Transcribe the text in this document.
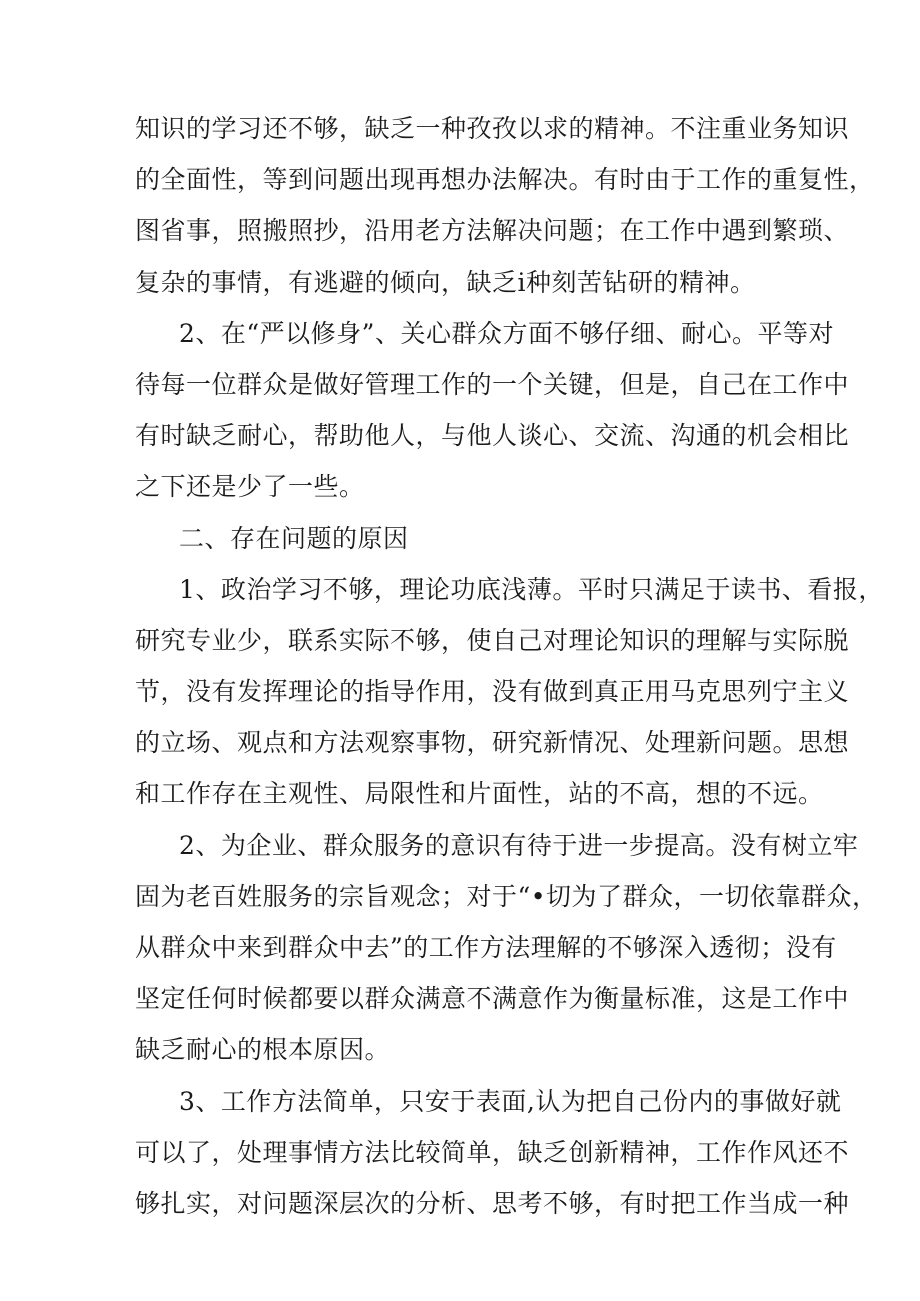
知识的学习还不够，缺乏一种孜孜以求的精神。不注重业务知识
的全面性，等到问题出现再想办法解决。有时由于工作的重复性，
图省事，照搬照抄，沿用老方法解决问题；在工作中遇到繁琐、
复杂的事情，有逃避的倾向，缺乏i种刻苦钻研的精神。
2、在“严以修身”、关心群众方面不够仔细、耐心。平等对
待每一位群众是做好管理工作的一个关键，但是，自己在工作中
有时缺乏耐心，帮助他人，与他人谈心、交流、沟通的机会相比
之下还是少了一些。
二、存在问题的原因
1、政治学习不够，理论功底浅薄。平时只满足于读书、看报，
研究专业少，联系实际不够，使自己对理论知识的理解与实际脱
节，没有发挥理论的指导作用，没有做到真正用马克思列宁主义
的立场、观点和方法观察事物，研究新情况、处理新问题。思想
和工作存在主观性、局限性和片面性，站的不高，想的不远。
2、为企业、群众服务的意识有待于进一步提高。没有树立牢
固为老百姓服务的宗旨观念；对于“•切为了群众，一切依靠群众，
从群众中来到群众中去”的工作方法理解的不够深入透彻；没有
坚定任何时候都要以群众满意不满意作为衡量标准，这是工作中
缺乏耐心的根本原因。
3、工作方法简单，只安于表面,认为把自己份内的事做好就
可以了，处理事情方法比较简单，缺乏创新精神，工作作风还不
够扎实，对问题深层次的分析、思考不够，有时把工作当成一种
